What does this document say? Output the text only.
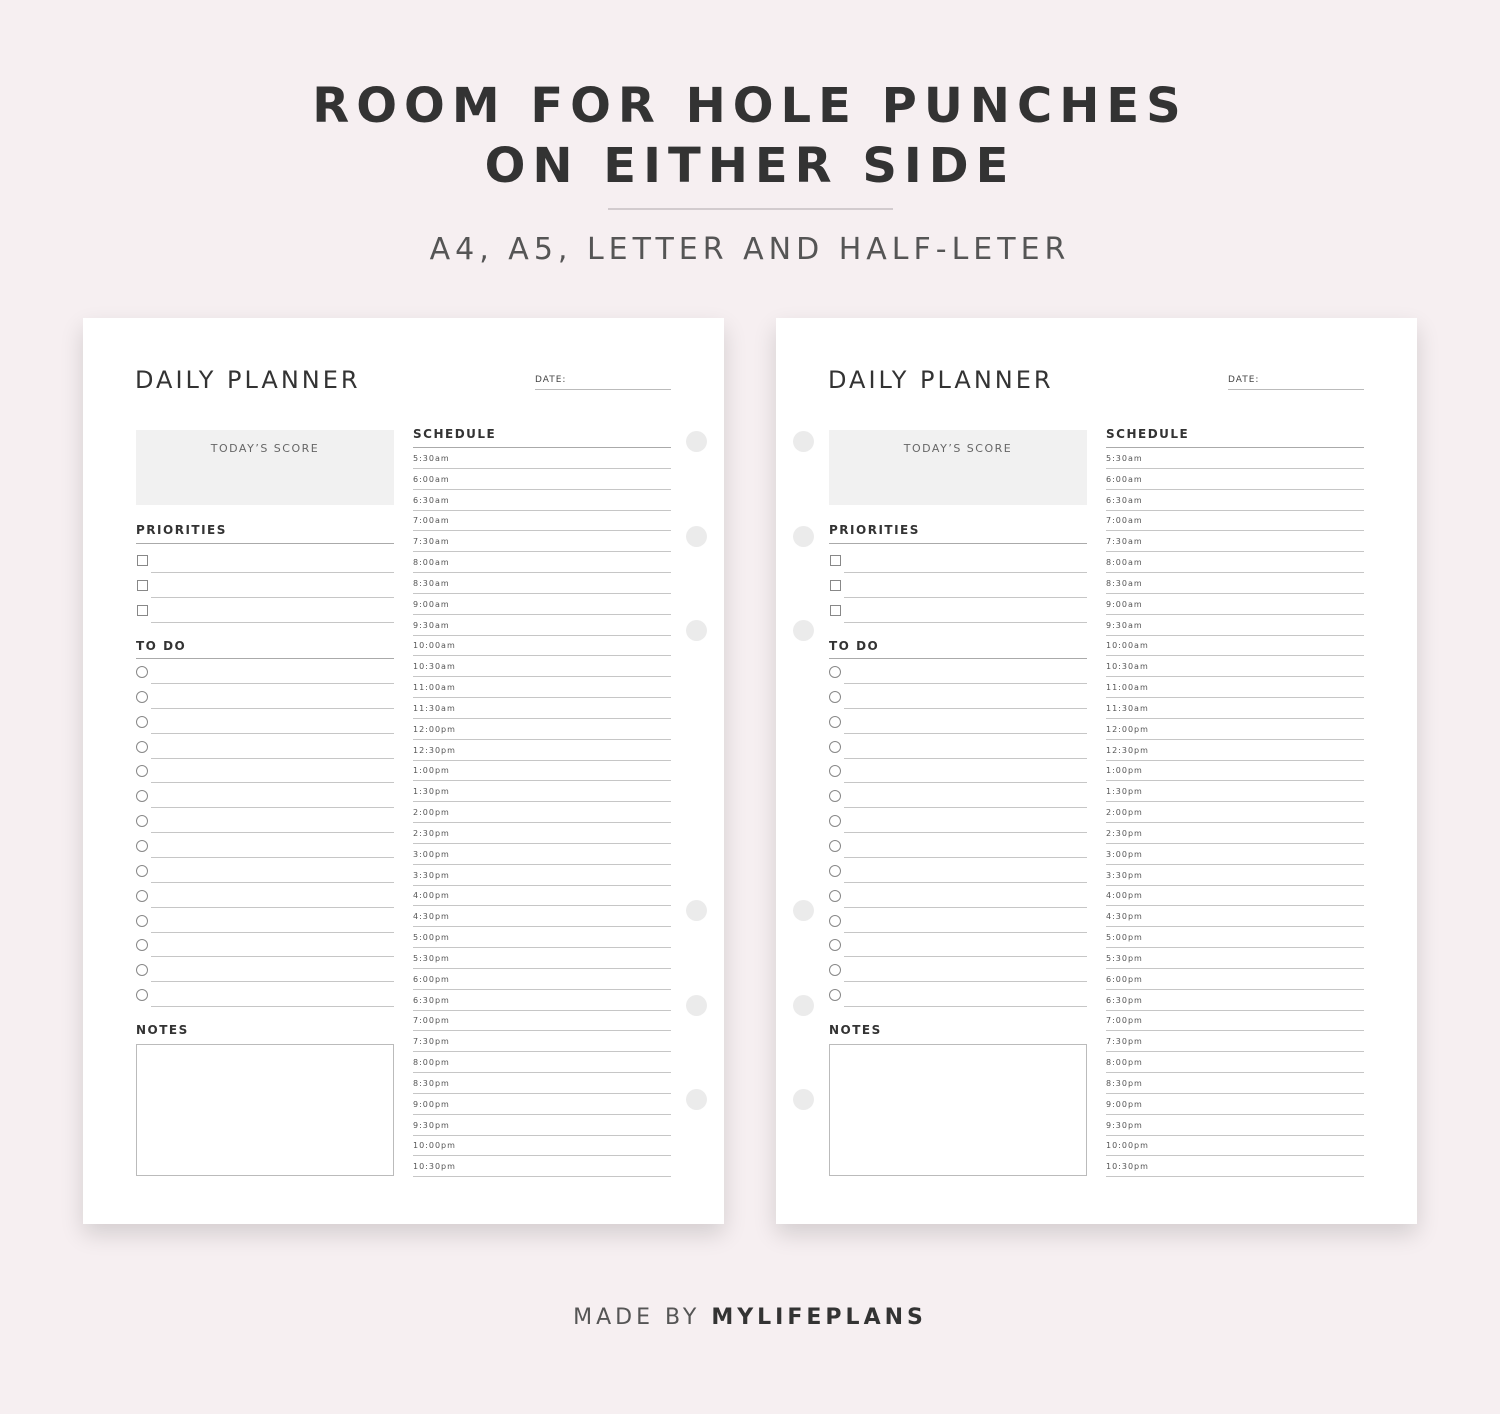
ROOM FOR HOLE PUNCHES
ON EITHER SIDE
A4, A5, LETTER AND HALF-LETER
DAILY PLANNER	DATE:
TODAY’S SCORE
PRIORITIES
TO DO
NOTES
SCHEDULE
5:30am
6:00am
6:30am
7:00am
7:30am
8:00am
8:30am
9:00am
9:30am
10:00am
10:30am
11:00am
11:30am
12:00pm
12:30pm
1:00pm
1:30pm
2:00pm
2:30pm
3:00pm
3:30pm
4:00pm
4:30pm
5:00pm
5:30pm
6:00pm
6:30pm
7:00pm
7:30pm
8:00pm
8:30pm
9:00pm
9:30pm
10:00pm
10:30pm
DAILY PLANNER	DATE:
TODAY’S SCORE
PRIORITIES
TO DO
NOTES
SCHEDULE
5:30am
6:00am
6:30am
7:00am
7:30am
8:00am
8:30am
9:00am
9:30am
10:00am
10:30am
11:00am
11:30am
12:00pm
12:30pm
1:00pm
1:30pm
2:00pm
2:30pm
3:00pm
3:30pm
4:00pm
4:30pm
5:00pm
5:30pm
6:00pm
6:30pm
7:00pm
7:30pm
8:00pm
8:30pm
9:00pm
9:30pm
10:00pm
10:30pm
MADE BY MYLIFEPLANS
